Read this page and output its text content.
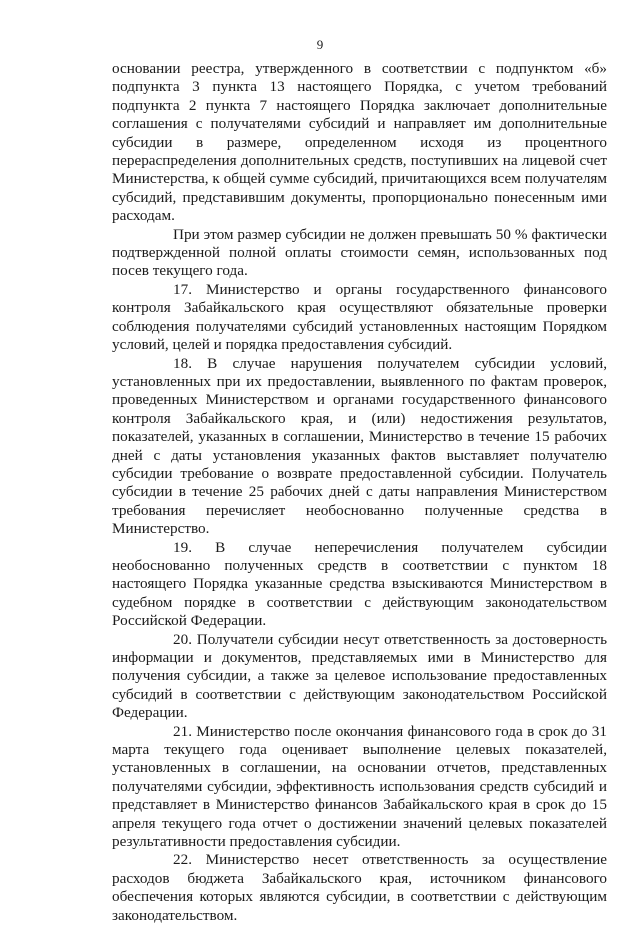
9

основании реестра, утвержденного в соответствии с подпунктом «б» подпункта 3 пункта 13 настоящего Порядка, с учетом требований подпункта 2 пункта 7 настоящего Порядка заключает дополнительные соглашения с получателями субсидий и направляет им дополнительные субсидии в размере, определенном исходя из процентного перераспределения дополнительных средств, поступивших на лицевой счет Министерства, к общей сумме субсидий, причитающихся всем получателям субсидий, представившим документы, пропорционально понесенным ими расходам.

При этом размер субсидии не должен превышать 50 % фактически подтвержденной полной оплаты стоимости семян, использованных под посев текущего года.

17. Министерство и органы государственного финансового контроля Забайкальского края осуществляют обязательные проверки соблюдения получателями субсидий установленных настоящим Порядком условий, целей и порядка предоставления субсидий.

18. В случае нарушения получателем субсидии условий, установленных при их предоставлении, выявленного по фактам проверок, проведенных Министерством и органами государственного финансового контроля Забайкальского края, и (или) недостижения результатов, показателей, указанных в соглашении, Министерство в течение 15 рабочих дней с даты установления указанных фактов выставляет получателю субсидии требование о возврате предоставленной субсидии. Получатель субсидии в течение 25 рабочих дней с даты направления Министерством требования перечисляет необоснованно полученные средства в Министерство.

19. В случае неперечисления получателем субсидии необоснованно полученных средств в соответствии с пунктом 18 настоящего Порядка указанные средства взыскиваются Министерством в судебном порядке в соответствии с действующим законодательством Российской Федерации.

20. Получатели субсидии несут ответственность за достоверность информации и документов, представляемых ими в Министерство для получения субсидии, а также за целевое использование предоставленных субсидий в соответствии с действующим законодательством Российской Федерации.

21. Министерство после окончания финансового года в срок до 31 марта текущего года оценивает выполнение целевых показателей, установленных в соглашении, на основании отчетов, представленных получателями субсидии, эффективность использования средств субсидий и представляет в Министерство финансов Забайкальского края в срок до 15 апреля текущего года отчет о достижении значений целевых показателей результативности предоставления субсидии.

22. Министерство несет ответственность за осуществление расходов бюджета Забайкальского края, источником финансового обеспечения которых являются субсидии, в соответствии с действующим законодательством.
